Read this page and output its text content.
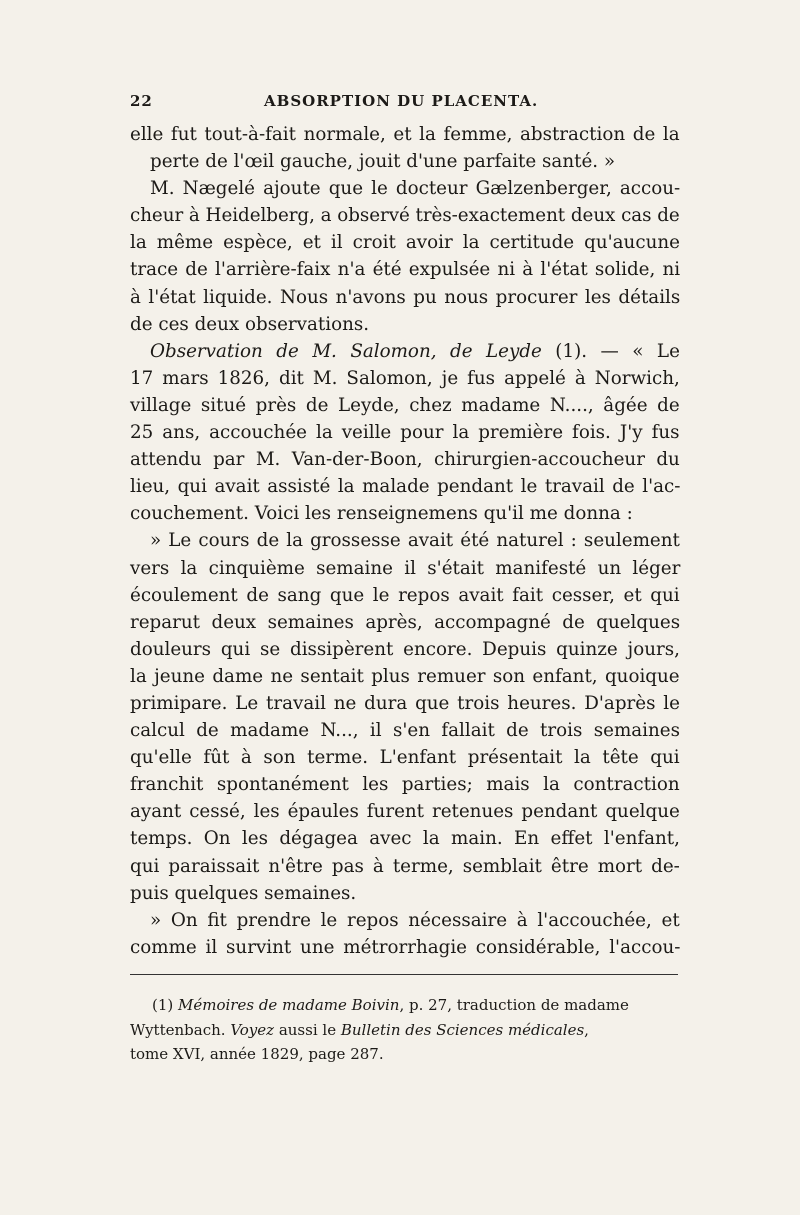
22	ABSORPTION DU PLACENTA.
elle fut tout-à-fait normale, et la femme, abstraction de la
perte de l'œil gauche, jouit d'une parfaite santé. »
M. Nægelé ajoute que le docteur Gælzenberger, accou-
cheur à Heidelberg, a observé très-exactement deux cas de
la même espèce, et il croit avoir la certitude qu'aucune
trace de l'arrière-faix n'a été expulsée ni à l'état solide, ni
à l'état liquide. Nous n'avons pu nous procurer les détails
de ces deux observations.
Observation de M. Salomon, de Leyde (1). — « Le
17 mars 1826, dit M. Salomon, je fus appelé à Norwich,
village situé près de Leyde, chez madame N...., âgée de
25 ans, accouchée la veille pour la première fois. J'y fus
attendu par M. Van-der-Boon, chirurgien-accoucheur du
lieu, qui avait assisté la malade pendant le travail de l'ac-
couchement. Voici les renseignemens qu'il me donna :
» Le cours de la grossesse avait été naturel : seulement
vers la cinquième semaine il s'était manifesté un léger
écoulement de sang que le repos avait fait cesser, et qui
reparut deux semaines après, accompagné de quelques
douleurs qui se dissipèrent encore. Depuis quinze jours,
la jeune dame ne sentait plus remuer son enfant, quoique
primipare. Le travail ne dura que trois heures. D'après le
calcul de madame N..., il s'en fallait de trois semaines
qu'elle fût à son terme. L'enfant présentait la tête qui
franchit spontanément les parties; mais la contraction
ayant cessé, les épaules furent retenues pendant quelque
temps. On les dégagea avec la main. En effet l'enfant,
qui paraissait n'être pas à terme, semblait être mort de-
puis quelques semaines.
» On fit prendre le repos nécessaire à l'accouchée, et
comme il survint une métrorrhagie considérable, l'accou-
(1) Mémoires de madame Boivin, p. 27, traduction de madame
Wyttenbach. Voyez aussi le Bulletin des Sciences médicales,
tome XVI, année 1829, page 287.
